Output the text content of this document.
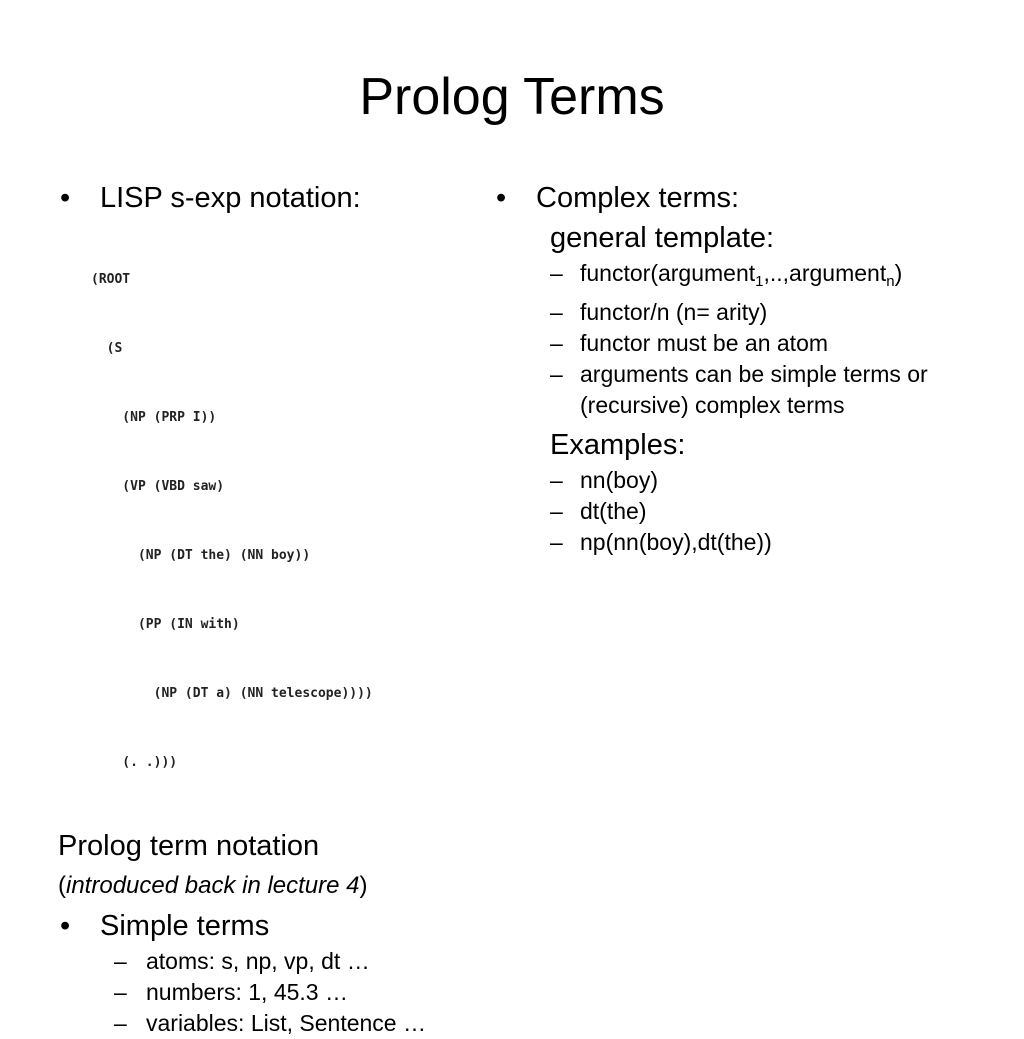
Prolog Terms
• LISP s-exp notation:

(ROOT

(S

(NP (PRP I))

(VP (VBD saw)

(NP (DT the) (NN boy))

(PP (IN with)

(NP (DT a) (NN telescope))))

(. .)))

Prolog term notation
(introduced back in lecture 4)
• Simple terms
– atoms: s, np, vp, dt …
– numbers: 1, 45.3 …
– variables: List, Sentence …
• Complex terms:
general template:
– functor(argument$_1$,..,argument$_n$)
– functor/n (n= arity)
– functor must be an atom
– arguments can be simple terms or (recursive) complex terms
Examples:
– nn(boy)
– dt(the)
– np(nn(boy),dt(the))
